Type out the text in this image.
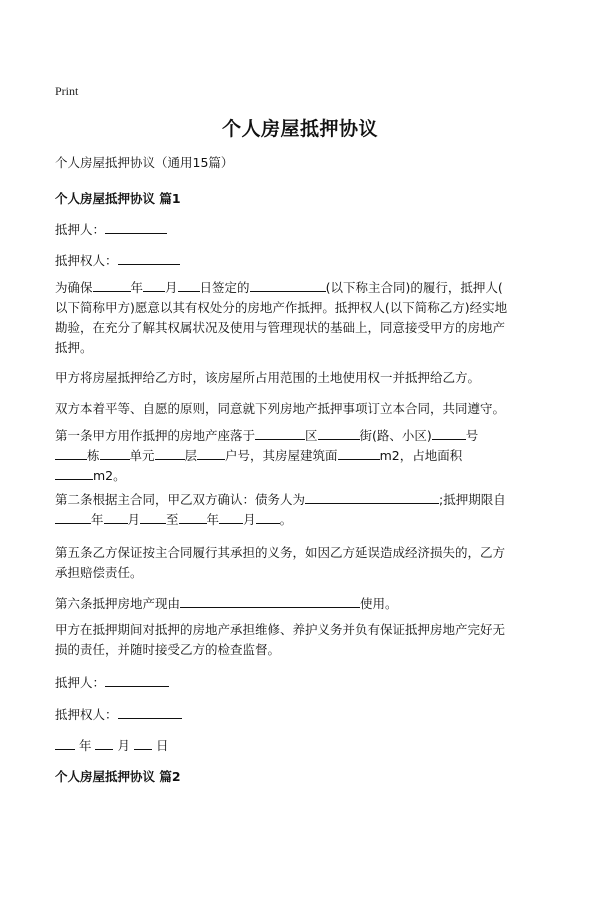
Print
个人房屋抵押协议
个人房屋抵押协议（通用15篇）
个人房屋抵押协议 篇1
抵押人：
抵押权人：
为确保	年 月 日签定的	(以下称主合同)的履行，抵押人(
以下简称甲方)愿意以其有权处分的房地产作抵押。抵押权人(以下简称乙方)经实地
勘验，在充分了解其权属状况及使用与管理现状的基础上，同意接受甲方的房地产
抵押。
甲方将房屋抵押给乙方时，该房屋所占用范围的土地使用权一并抵押给乙方。
双方本着平等、自愿的原则，同意就下列房地产抵押事项订立本合同，共同遵守。
第一条甲方用作抵押的房地产座落于	区	街(路、小区)	号
栋 单元 层 户号，其房屋建筑面	m2，占地面积
m2。
第二条根据主合同，甲乙双方确认：债务人为	;抵押期限自
年 月 至 年 月 。
第五条乙方保证按主合同履行其承担的义务，如因乙方延误造成经济损失的，乙方
承担赔偿责任。
第六条抵押房地产现由	使用。
甲方在抵押期间对抵押的房地产承担维修、养护义务并负有保证抵押房地产完好无
损的责任，并随时接受乙方的检查监督。
抵押人：
抵押权人：
年 月 日
个人房屋抵押协议 篇2
